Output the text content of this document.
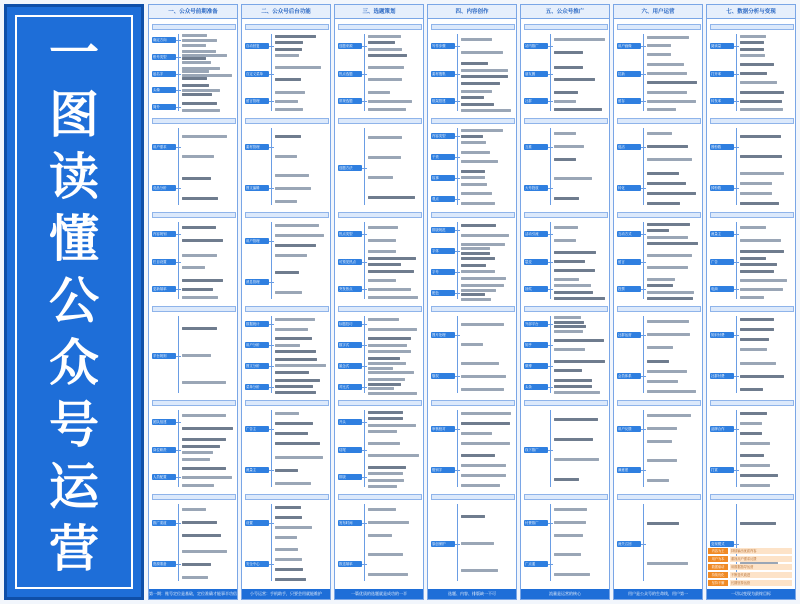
一
图
读
懂
公
众
号
运
营
一、公众号前期准备
第一期：账号定位是基础，定位准确才能事半功倍
确定方向
账号类型
起名字
头像
简介
用户需求
竞品分析
内容规划
栏目设置
更新频率
平台规则
团队组建
岗位职责
人员配置
推广渠道
资源准备
二、公众号后台功能
小号运营：手机助手，只要会用就能维护
自动回复
自定义菜单
留言管理
素材管理
图文编辑
用户管理
消息管理
数据统计
用户分析
图文分析
菜单分析
广告主
流量主
设置
安全中心
三、选题策划
一篇优质的选题就是成功的一半
选题来源
热点选题
常规选题
选题方法
热点类型
可预见热点
突发热点
标题技巧
数字式
悬念式
对比式
开头
结尾
排版
发布时间
推送频率
四、内容创作
选题、内容、排版缺一不可
写作步骤
素材搜集
框架搭建
内容类型
干货
故事
观点
排版规范
字体
字号
配色
图片处理
版权
审核校对
错别字
原创保护
五、公众号推广
流量是运营的核心
站内推广
朋友圈
社群
互推
大号投放
活动引流
裂变
抽奖
外部平台
知乎
微博
头条
线下推广
付费推广
广点通
六、用户运营
用户是公众号的生命线，用户第一
用户画像
拉新
留存
促活
转化
互动方式
留言
投票
社群运营
会员体系
用户反馈
满意度
流失召回
七、数据分析与变现
一切以变现为最终目标
阅读量
打开率
转发率
涨粉数
掉粉数
流量主
广告
电商
知识付费
社群付费
品牌合作
打赏
变现模式
内容为王	持续输出优质内容
用户为本	重视用户需求反馈
数据驱动	用数据指导运营
持续优化	不断迭代改进
坚持不懈	长期坚持运营
